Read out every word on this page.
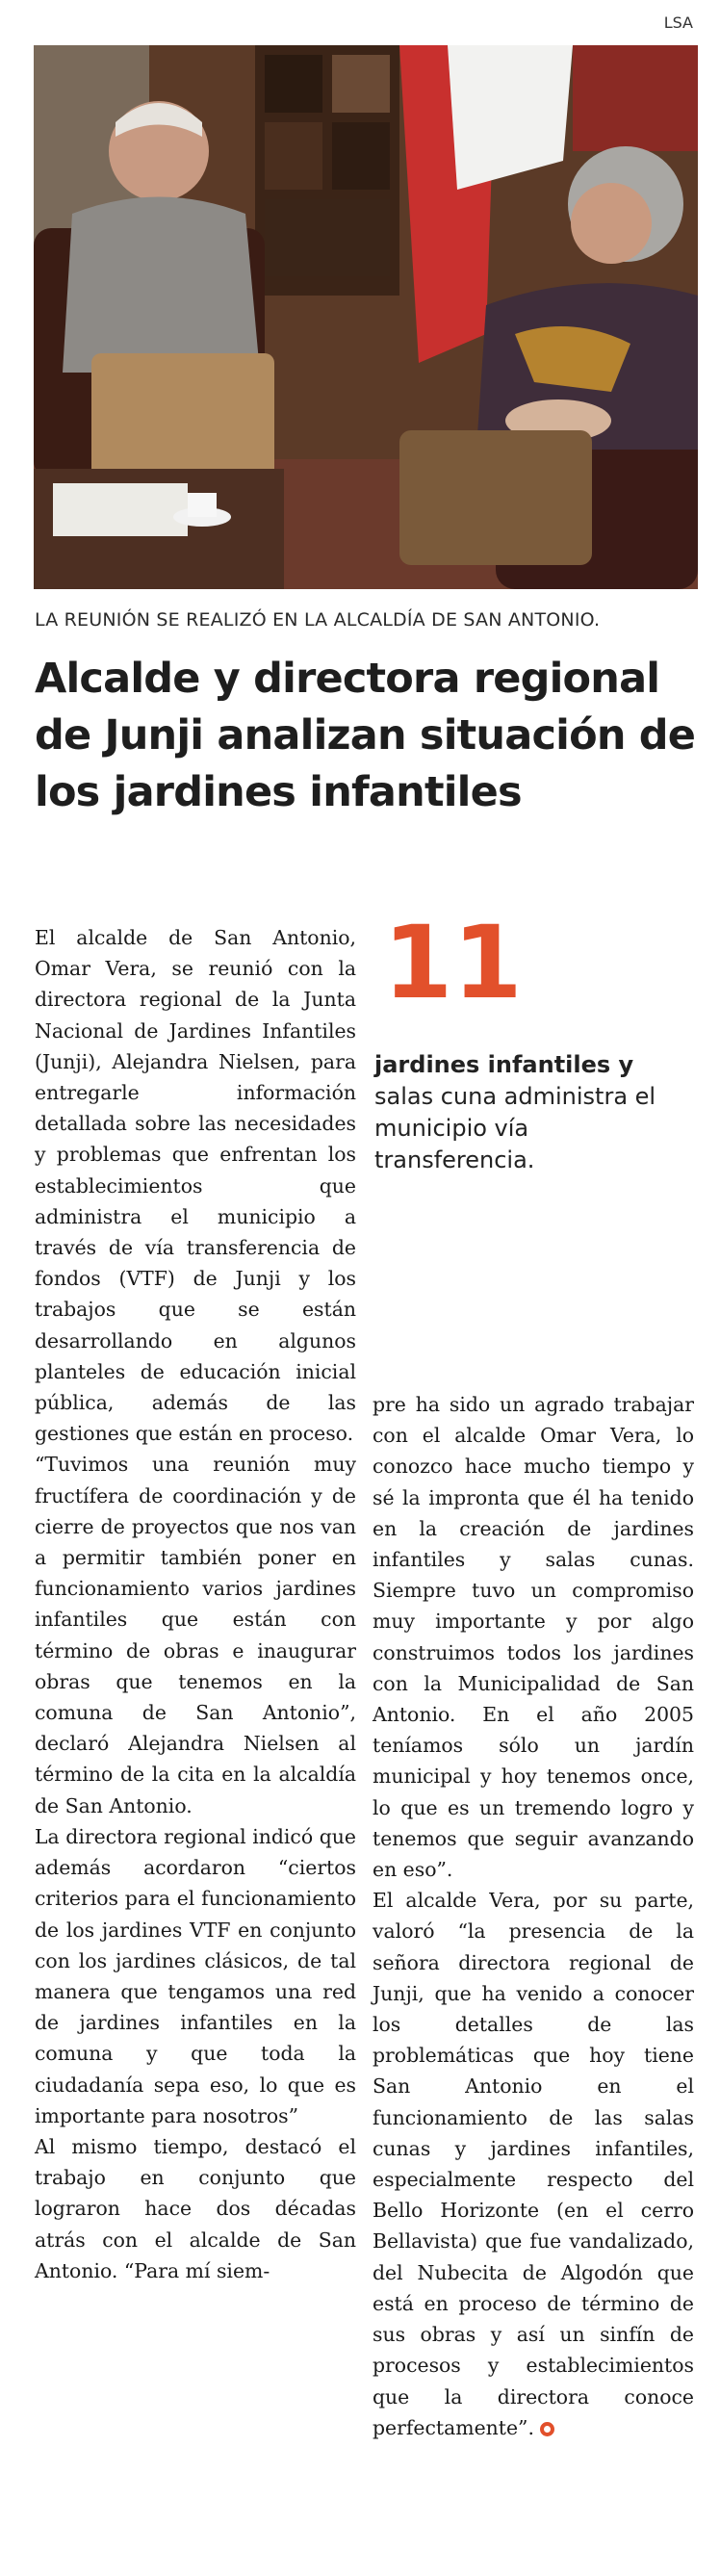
LSA
LA REUNIÓN SE REALIZÓ EN LA ALCALDÍA DE SAN ANTONIO.
Alcalde y directora regional de Junji analizan situación de los jardines infantiles

El alcalde de San Antonio, Omar Vera, se reunió con la directora regional de la Junta Nacional de Jardines Infantiles (Junji), Alejandra Nielsen, para entregarle información detallada sobre las necesidades y problemas que enfrentan los establecimientos que administra el municipio a través de vía transferencia de fondos (VTF) de Junji y los trabajos que se están desarrollando en algunos planteles de educación inicial pública, además de las gestiones que están en proceso.

“Tuvimos una reunión muy fructífera de coordinación y de cierre de proyectos que nos van a permitir también poner en funcionamiento varios jardines infantiles que están con término de obras e inaugurar obras que tenemos en la comuna de San Antonio”, declaró Alejandra Nielsen al término de la cita en la alcaldía de San Antonio.

La directora regional indicó que además acordaron “ciertos criterios para el funcionamiento de los jardines VTF en conjunto con los jardines clásicos, de tal manera que tengamos una red de jardines infantiles en la comuna y que toda la ciudadanía sepa eso, lo que es importante para nosotros”

Al mismo tiempo, destacó el trabajo en conjunto que lograron hace dos décadas atrás con el alcalde de San Antonio. “Para mí siem-

11
jardines infantiles y salas cuna administra el municipio vía transferencia.

pre ha sido un agrado trabajar con el alcalde Omar Vera, lo conozco hace mucho tiempo y sé la impronta que él ha tenido en la creación de jardines infantiles y salas cunas. Siempre tuvo un compromiso muy importante y por algo construimos todos los jardines con la Municipalidad de San Antonio. En el año 2005 teníamos sólo un jardín municipal y hoy tenemos once, lo que es un tremendo logro y tenemos que seguir avanzando en eso”.

El alcalde Vera, por su parte, valoró “la presencia de la señora directora regional de Junji, que ha venido a conocer los detalles de las problemáticas que hoy tiene San Antonio en el funcionamiento de las salas cunas y jardines infantiles, especialmente respecto del Bello Horizonte (en el cerro Bellavista) que fue vandalizado, del Nubecita de Algodón que está en proceso de término de sus obras y así un sinfín de procesos y establecimientos que la directora conoce perfectamente”.
